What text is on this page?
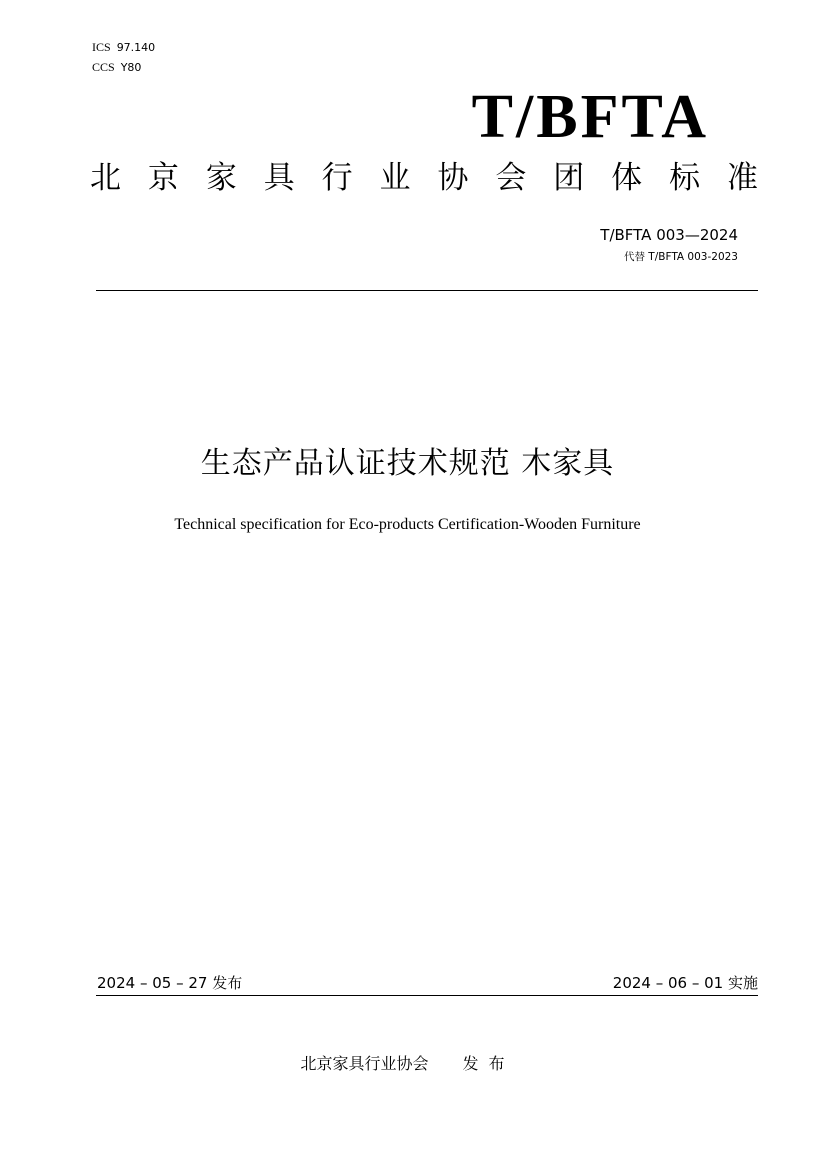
ICS 97.140
CCS Y80
T/BFTA
北 京 家 具 行 业 协 会 团 体 标 准
T/BFTA 003—2024
代替 T/BFTA 003-2023
生态产品认证技术规范 木家具
Technical specification for Eco-products Certification-Wooden Furniture
2024 – 05 – 27 发布	2024 – 06 – 01 实施
北京家具行业协会 发布
